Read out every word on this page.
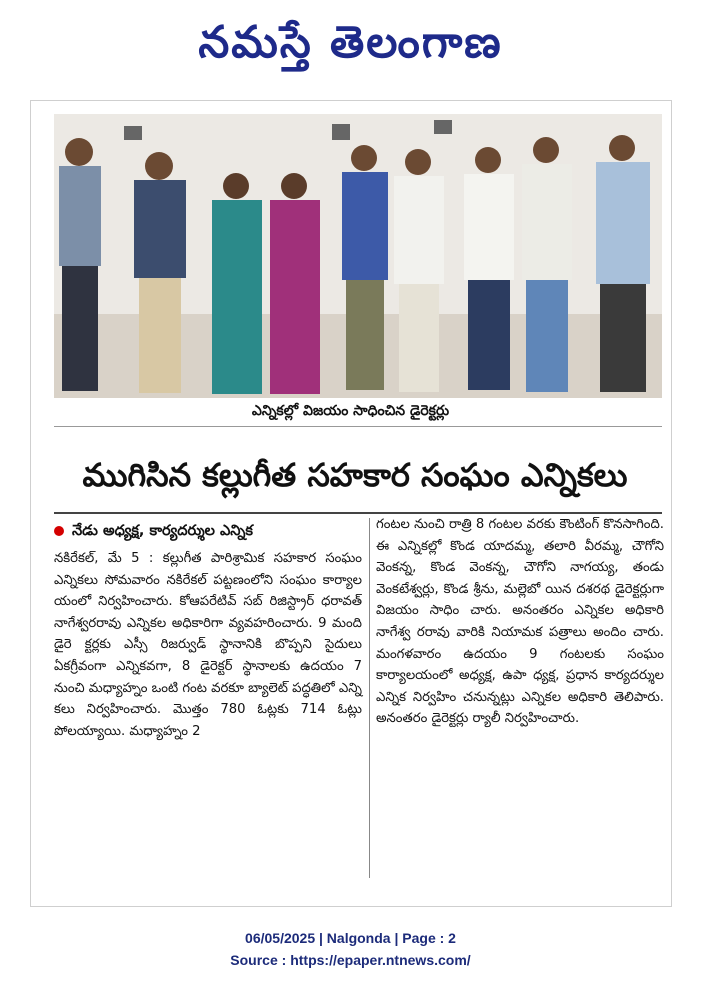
నమస్తే తెలంగాణ
ఎన్నికల్లో విజయం సాధించిన డైరెక్టర్లు
ముగిసిన కల్లుగీత సహకార సంఘం ఎన్నికలు
నేడు అధ్యక్ష, కార్యదర్శుల ఎన్నిక

నకిరేకల్, మే 5 : కల్లుగీత పారిశ్రామిక సహకార సంఘం ఎన్నికలు సోమవారం నకిరేకల్ పట్టణంలోని సంఘం కార్యాల యంలో నిర్వహించారు. కోఆపరేటివ్ సబ్ రిజిస్ట్రార్ ధరావత్ నాగేశ్వరరావు ఎన్నికల అధికారిగా వ్యవహరించారు. 9 మంది డైరె క్టర్లకు ఎస్సీ రిజర్వుడ్ స్థానానికి బొప్పని సైదులు ఏకగ్రీవంగా ఎన్నికవగా, 8 డైరెక్టర్ స్థానాలకు ఉదయం 7 నుంచి మధ్యాహ్నం ఒంటి గంట వరకూ బ్యాలెట్ పద్ధతిలో ఎన్ని కలు నిర్వహించారు. మొత్తం 780 ఓట్లకు 714 ఓట్లు పోలయ్యాయి. మధ్యాహ్నం 2

గంటల నుంచి రాత్రి 8 గంటల వరకు కౌంటింగ్ కొనసాగింది. ఈ ఎన్నికల్లో కొండ యాదమ్మ, తలారి వీరమ్మ, చౌగోని వెంకన్న, కొండ వెంకన్న, చౌగోని నాగయ్య, తండు వెంకటేశ్వర్లు, కొండ శ్రీను, మల్లెబో యిన దశరథ డైరెక్టర్లుగా విజయం సాధిం చారు. అనంతరం ఎన్నికల అధికారి నాగేశ్వ రరావు వారికి నియామక పత్రాలు అందిం చారు. మంగళవారం ఉదయం 9 గంటలకు సంఘం కార్యాలయంలో అధ్యక్ష, ఉపా ధ్యక్ష, ప్రధాన కార్యదర్శుల ఎన్నిక నిర్వహిం చనున్నట్లు ఎన్నికల అధికారి తెలిపారు. అనంతరం డైరెక్టర్లు ర్యాలీ నిర్వహించారు.

06/05/2025 | Nalgonda | Page : 2
Source : https://epaper.ntnews.com/
